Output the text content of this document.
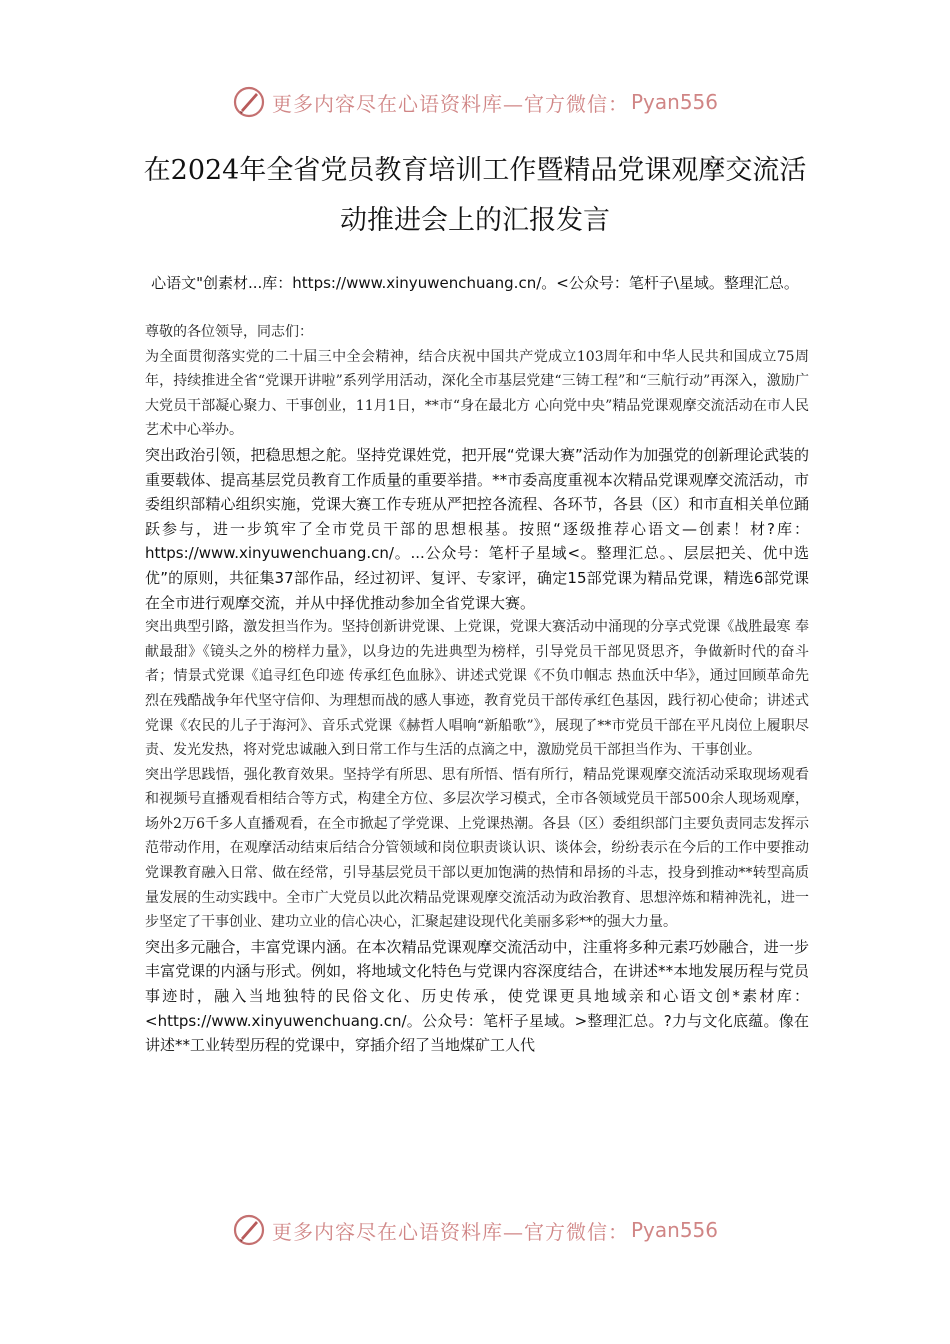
更多内容尽在心语资料库—官方微信： Pyan556
在2024年全省党员教育培训工作暨精品党课观摩交流活动推进会上的汇报发言

心语文"创素材...库：https://www.xinyuwenchuang.cn/。<公众号：笔杆子\星域。整理汇总。

尊敬的各位领导，同志们：

为全面贯彻落实党的二十届三中全会精神，结合庆祝中国共产党成立103周年和中华人民共和国成立75周年，持续推进全省“党课开讲啦”系列学用活动，深化全市基层党建“三铸工程”和“三航行动”再深入，激励广大党员干部凝心聚力、干事创业，11月1日，**市“身在最北方 心向党中央”精品党课观摩交流活动在市人民艺术中心举办。

突出政治引领，把稳思想之舵。坚持党课姓党，把开展“党课大赛”活动作为加强党的创新理论武装的重要载体、提高基层党员教育工作质量的重要举措。**市委高度重视本次精品党课观摩交流活动，市委组织部精心组织实施，党课大赛工作专班从严把控各流程、各环节，各县（区）和市直相关单位踊跃参与，进一步筑牢了全市党员干部的思想根基。按照“逐级推荐心语文—创素！材?库：https://www.xinyuwenchuang.cn/。...公众号：笔杆子星域<。整理汇总。、层层把关、优中选优”的原则，共征集37部作品，经过初评、复评、专家评，确定15部党课为精品党课，精选6部党课在全市进行观摩交流，并从中择优推动参加全省党课大赛。

突出典型引路，激发担当作为。坚持创新讲党课、上党课，党课大赛活动中涌现的分享式党课《战胜最寒 奉献最甜》《镜头之外的榜样力量》，以身边的先进典型为榜样，引导党员干部见贤思齐，争做新时代的奋斗者；情景式党课《追寻红色印迹 传承红色血脉》、讲述式党课《不负巾帼志 热血沃中华》，通过回顾革命先烈在残酷战争年代坚守信仰、为理想而战的感人事迹，教育党员干部传承红色基因，践行初心使命；讲述式党课《农民的儿子于海河》、音乐式党课《赫哲人唱响“新船歌”》，展现了**市党员干部在平凡岗位上履职尽责、发光发热，将对党忠诚融入到日常工作与生活的点滴之中，激励党员干部担当作为、干事创业。

突出学思践悟，强化教育效果。坚持学有所思、思有所悟、悟有所行，精品党课观摩交流活动采取现场观看和视频号直播观看相结合等方式，构建全方位、多层次学习模式，全市各领域党员干部500余人现场观摩，场外2万6千多人直播观看，在全市掀起了学党课、上党课热潮。各县（区）委组织部门主要负责同志发挥示范带动作用，在观摩活动结束后结合分管领域和岗位职责谈认识、谈体会，纷纷表示在今后的工作中要推动党课教育融入日常、做在经常，引导基层党员干部以更加饱满的热情和昂扬的斗志，投身到推动**转型高质量发展的生动实践中。全市广大党员以此次精品党课观摩交流活动为政治教育、思想淬炼和精神洗礼，进一步坚定了干事创业、建功立业的信心决心，汇聚起建设现代化美丽多彩**的强大力量。

突出多元融合，丰富党课内涵。在本次精品党课观摩交流活动中，注重将多种元素巧妙融合，进一步丰富党课的内涵与形式。例如，将地域文化特色与党课内容深度结合，在讲述**本地发展历程与党员事迹时，融入当地独特的民俗文化、历史传承，使党课更具地域亲和心语文创*素材库：<https://www.xinyuwenchuang.cn/。公众号：笔杆子星域。>整理汇总。?力与文化底蕴。像在讲述**工业转型历程的党课中，穿插介绍了当地煤矿工人代

更多内容尽在心语资料库—官方微信： Pyan556
